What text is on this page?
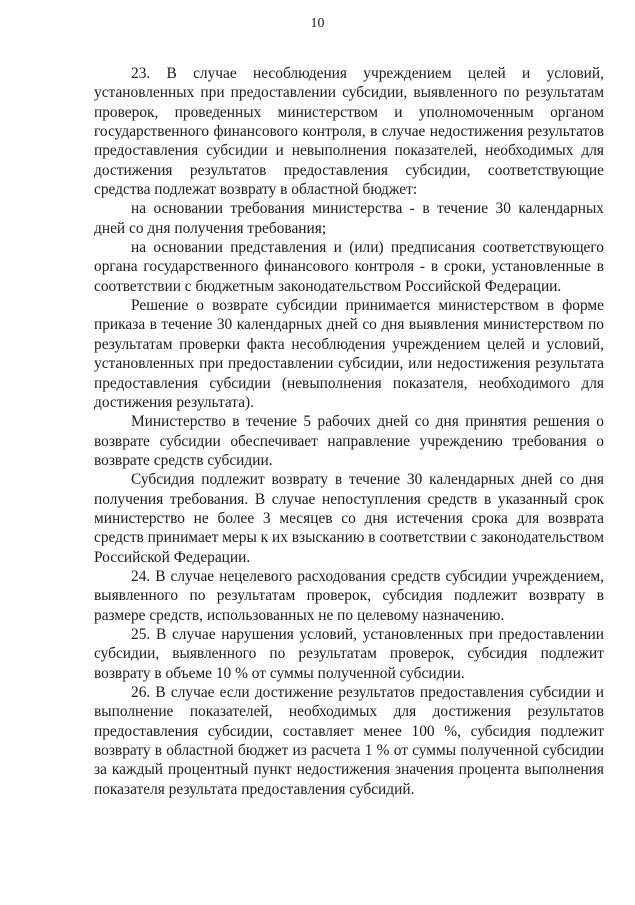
10

23. В случае несоблюдения учреждением целей и условий, установленных при предоставлении субсидии, выявленного по результатам проверок, проведенных министерством и уполномоченным органом государственного финансового контроля, в случае недостижения результатов предоставления субсидии и невыполнения показателей, необходимых для достижения результатов предоставления субсидии, соответствующие средства подлежат возврату в областной бюджет:

на основании требования министерства - в течение 30 календарных дней со дня получения требования;

на основании представления и (или) предписания соответствующего органа государственного финансового контроля - в сроки, установленные в соответствии с бюджетным законодательством Российской Федерации.

Решение о возврате субсидии принимается министерством в форме приказа в течение 30 календарных дней со дня выявления министерством по результатам проверки факта несоблюдения учреждением целей и условий, установленных при предоставлении субсидии, или недостижения результата предоставления субсидии (невыполнения показателя, необходимого для достижения результата).

Министерство в течение 5 рабочих дней со дня принятия решения о возврате субсидии обеспечивает направление учреждению требования о возврате средств субсидии.

Субсидия подлежит возврату в течение 30 календарных дней со дня получения требования. В случае непоступления средств в указанный срок министерство не более 3 месяцев со дня истечения срока для возврата средств принимает меры к их взысканию в соответствии с законодательством Российской Федерации.

24. В случае нецелевого расходования средств субсидии учреждением, выявленного по результатам проверок, субсидия подлежит возврату в размере средств, использованных не по целевому назначению.

25. В случае нарушения условий, установленных при предоставлении субсидии, выявленного по результатам проверок, субсидия подлежит возврату в объеме 10 % от суммы полученной субсидии.

26. В случае если достижение результатов предоставления субсидии и выполнение показателей, необходимых для достижения результатов предоставления субсидии, составляет менее 100 %, субсидия подлежит возврату в областной бюджет из расчета 1 % от суммы полученной субсидии за каждый процентный пункт недостижения значения процента выполнения показателя результата предоставления субсидий.
